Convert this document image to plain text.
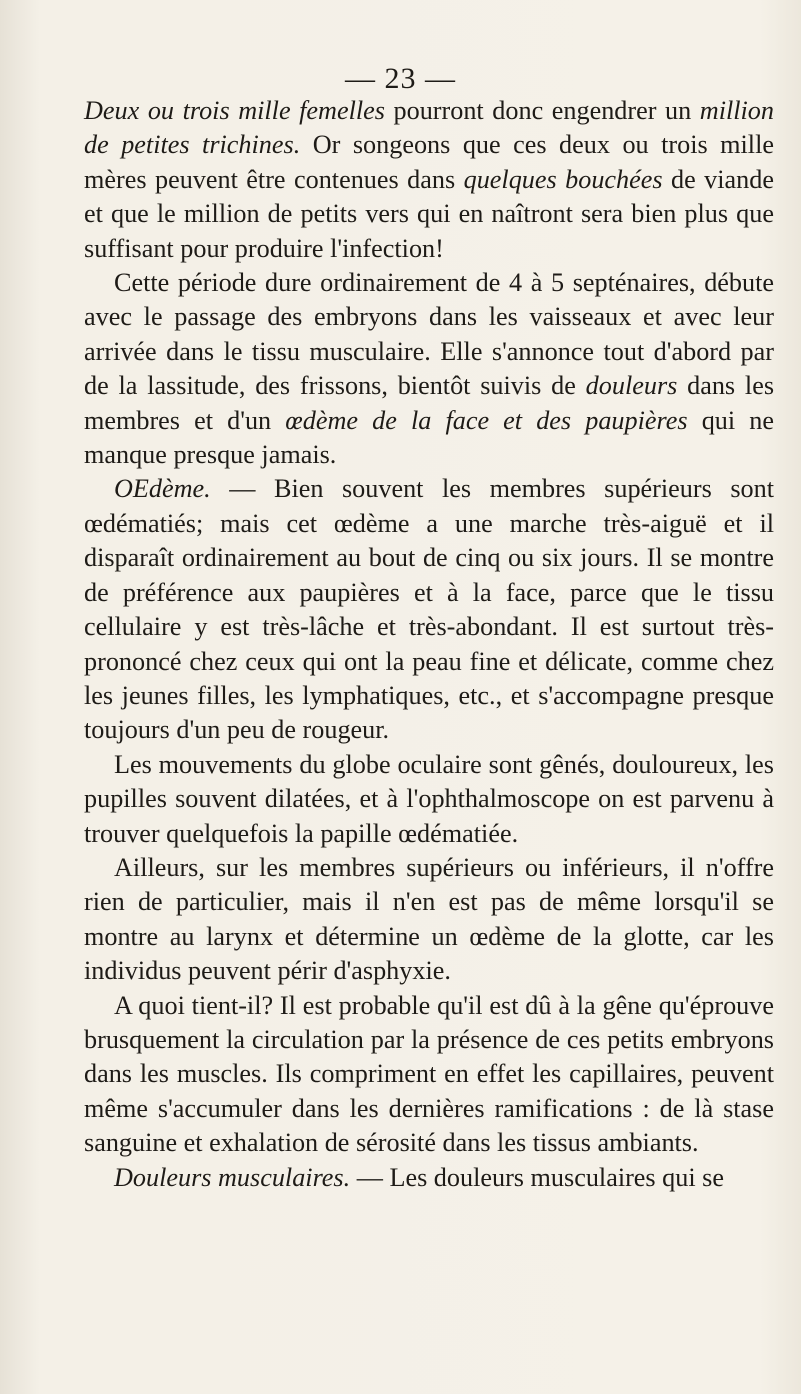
— 23 —

Deux ou trois mille femelles pourront donc engendrer un million de petites trichines. Or songeons que ces deux ou trois mille mères peuvent être contenues dans quelques bouchées de viande et que le million de petits vers qui en naîtront sera bien plus que suffisant pour produire l'infection!

Cette période dure ordinairement de 4 à 5 septénaires, débute avec le passage des embryons dans les vaisseaux et avec leur arrivée dans le tissu musculaire. Elle s'annonce tout d'abord par de la lassitude, des frissons, bientôt suivis de douleurs dans les membres et d'un œdème de la face et des paupières qui ne manque presque jamais.

OEdème. — Bien souvent les membres supérieurs sont œdématiés; mais cet œdème a une marche très-aiguë et il disparaît ordinairement au bout de cinq ou six jours. Il se montre de préférence aux paupières et à la face, parce que le tissu cellulaire y est très-lâche et très-abondant. Il est surtout très-prononcé chez ceux qui ont la peau fine et délicate, comme chez les jeunes filles, les lymphatiques, etc., et s'accompagne presque toujours d'un peu de rougeur.

Les mouvements du globe oculaire sont gênés, douloureux, les pupilles souvent dilatées, et à l'ophthalmoscope on est parvenu à trouver quelquefois la papille œdématiée.

Ailleurs, sur les membres supérieurs ou inférieurs, il n'offre rien de particulier, mais il n'en est pas de même lorsqu'il se montre au larynx et détermine un œdème de la glotte, car les individus peuvent périr d'asphyxie.

A quoi tient-il? Il est probable qu'il est dû à la gêne qu'éprouve brusquement la circulation par la présence de ces petits embryons dans les muscles. Ils compriment en effet les capillaires, peuvent même s'accumuler dans les dernières ramifications : de là stase sanguine et exhalation de sérosité dans les tissus ambiants.

Douleurs musculaires. — Les douleurs musculaires qui se
